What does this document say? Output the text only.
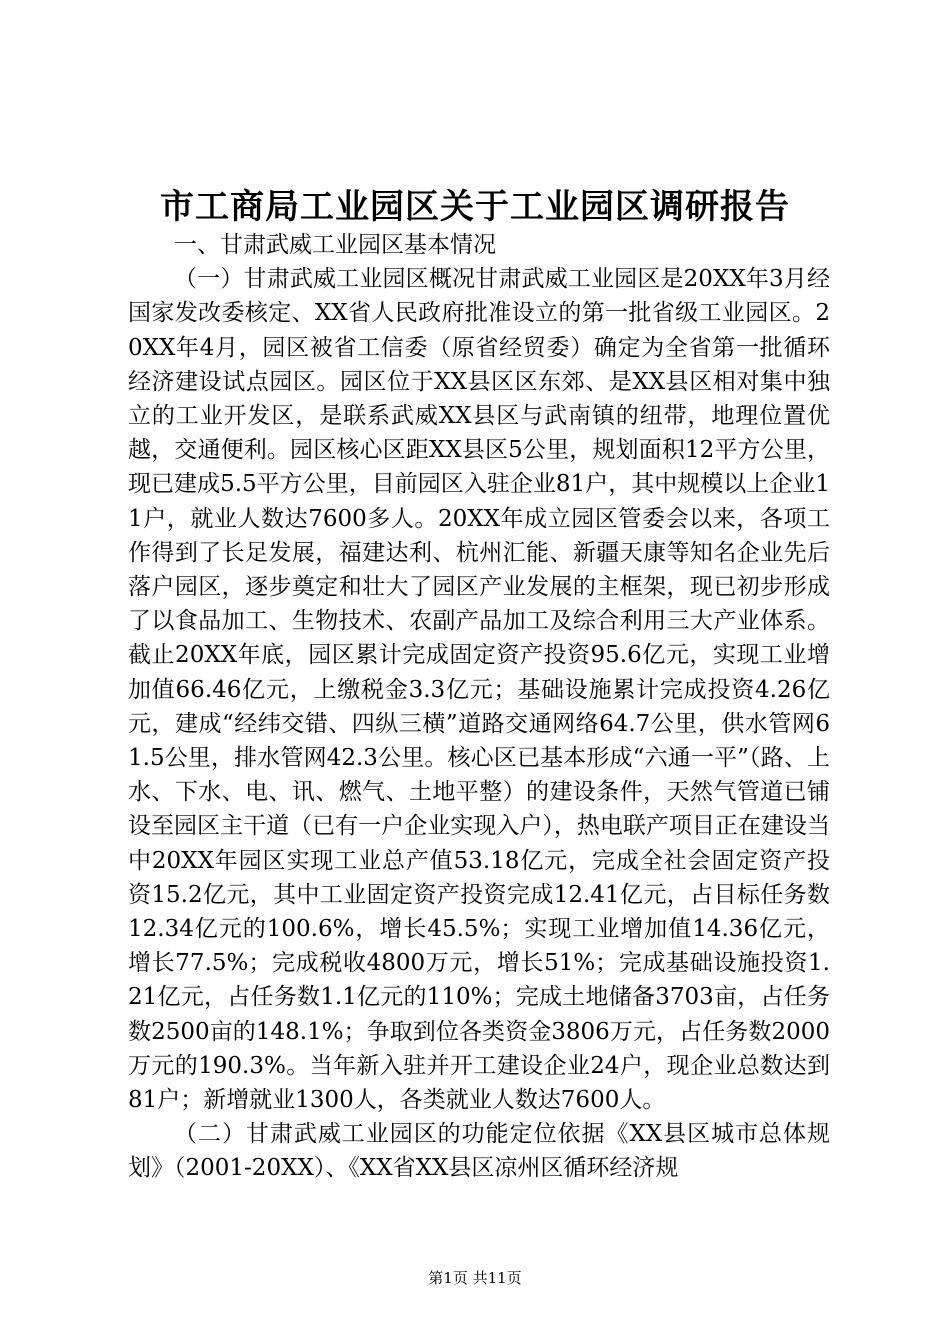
市工商局工业园区关于工业园区调研报告

一、甘肃武威工业园区基本情况

（一）甘肃武威工业园区概况甘肃武威工业园区是20XX年3月经国家发改委核定、XX省人民政府批准设立的第一批省级工业园区。20XX年4月，园区被省工信委（原省经贸委）确定为全省第一批循环经济建设试点园区。园区位于XX县区区东郊、是XX县区相对集中独立的工业开发区，是联系武威XX县区与武南镇的纽带，地理位置优越，交通便利。园区核心区距XX县区5公里，规划面积12平方公里，现已建成5.5平方公里，目前园区入驻企业81户，其中规模以上企业11户，就业人数达7600多人。20XX年成立园区管委会以来，各项工作得到了长足发展，福建达利、杭州汇能、新疆天康等知名企业先后落户园区，逐步奠定和壮大了园区产业发展的主框架，现已初步形成了以食品加工、生物技术、农副产品加工及综合利用三大产业体系。截止20XX年底，园区累计完成固定资产投资95.6亿元，实现工业增加值66.46亿元，上缴税金3.3亿元；基础设施累计完成投资4.26亿元，建成“经纬交错、四纵三横”道路交通网络64.7公里，供水管网61.5公里，排水管网42.3公里。核心区已基本形成“六通一平”（路、上水、下水、电、讯、燃气、土地平整）的建设条件，天然气管道已铺设至园区主干道（已有一户企业实现入户），热电联产项目正在建设当中20XX年园区实现工业总产值53.18亿元，完成全社会固定资产投资15.2亿元，其中工业固定资产投资完成12.41亿元，占目标任务数12.34亿元的100.6%，增长45.5%；实现工业增加值14.36亿元，增长77.5%；完成税收4800万元，增长51%；完成基础设施投资1.21亿元，占任务数1.1亿元的110%；完成土地储备3703亩，占任务数2500亩的148.1%；争取到位各类资金3806万元，占任务数2000万元的190.3%。当年新入驻并开工建设企业24户，现企业总数达到81户；新增就业1300人，各类就业人数达7600人。

（二）甘肃武威工业园区的功能定位依据《XX县区城市总体规划》（2001-20XX）、《XX省XX县区凉州区循环经济规

第1页 共11页
